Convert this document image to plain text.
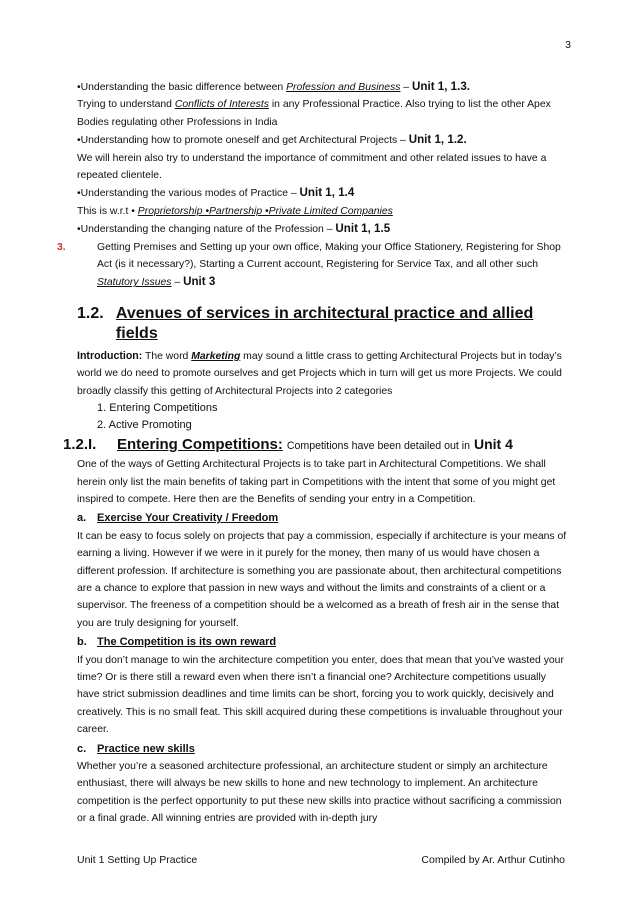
3

•Understanding the basic difference between Profession and Business – Unit 1, 1.3.

Trying to understand Conflicts of Interests in any Professional Practice. Also trying to list the other Apex Bodies regulating other Professions in India

•Understanding how to promote oneself and get Architectural Projects – Unit 1, 1.2.

We will herein also try to understand the importance of commitment and other related issues to have a repeated clientele.

•Understanding the various modes of Practice – Unit 1, 1.4

This is w.r.t • Proprietorship •Partnership •Private Limited Companies

•Understanding the changing nature of the Profession – Unit 1, 1.5

3.	Getting Premises and Setting up your own office, Making your Office Stationery, Registering for Shop Act (is it necessary?), Starting a Current account, Registering for Service Tax, and all other such Statutory Issues – Unit 3

1.2. Avenues of services in architectural practice and allied fields

Introduction: The word Marketing may sound a little crass to getting Architectural Projects but in today’s world we do need to promote ourselves and get Projects which in turn will get us more Projects. We could broadly classify this getting of Architectural Projects into 2 categories

1. Entering Competitions
2. Active Promoting
1.2.I.	Entering Competitions: Competitions have been detailed out in Unit 4

One of the ways of Getting Architectural Projects is to take part in Architectural Competitions. We shall herein only list the main benefits of taking part in Competitions with the intent that some of you might get inspired to compete. Here then are the Benefits of sending your entry in a Competition.

a. Exercise Your Creativity / Freedom

It can be easy to focus solely on projects that pay a commission, especially if architecture is your means of earning a living. However if we were in it purely for the money, then many of us would have chosen a different profession. If architecture is something you are passionate about, then architectural competitions are a chance to explore that passion in new ways and without the limits and constraints of a client or a supervisor. The freeness of a competition should be a welcomed as a breath of fresh air in the sense that you are truly designing for yourself.

b. The Competition is its own reward

If you don’t manage to win the architecture competition you enter, does that mean that you’ve wasted your time? Or is there still a reward even when there isn’t a financial one? Architecture competitions usually have strict submission deadlines and time limits can be short, forcing you to work quickly, decisively and creatively. This is no small feat. This skill acquired during these competitions is invaluable throughout your career.

c. Practice new skills

Whether you’re a seasoned architecture professional, an architecture student or simply an architecture enthusiast, there will always be new skills to hone and new technology to implement. An architecture competition is the perfect opportunity to put these new skills into practice without sacrificing a commission or a final grade. All winning entries are provided with in-depth jury

Unit 1 Setting Up Practice	Compiled by Ar. Arthur Cutinho
